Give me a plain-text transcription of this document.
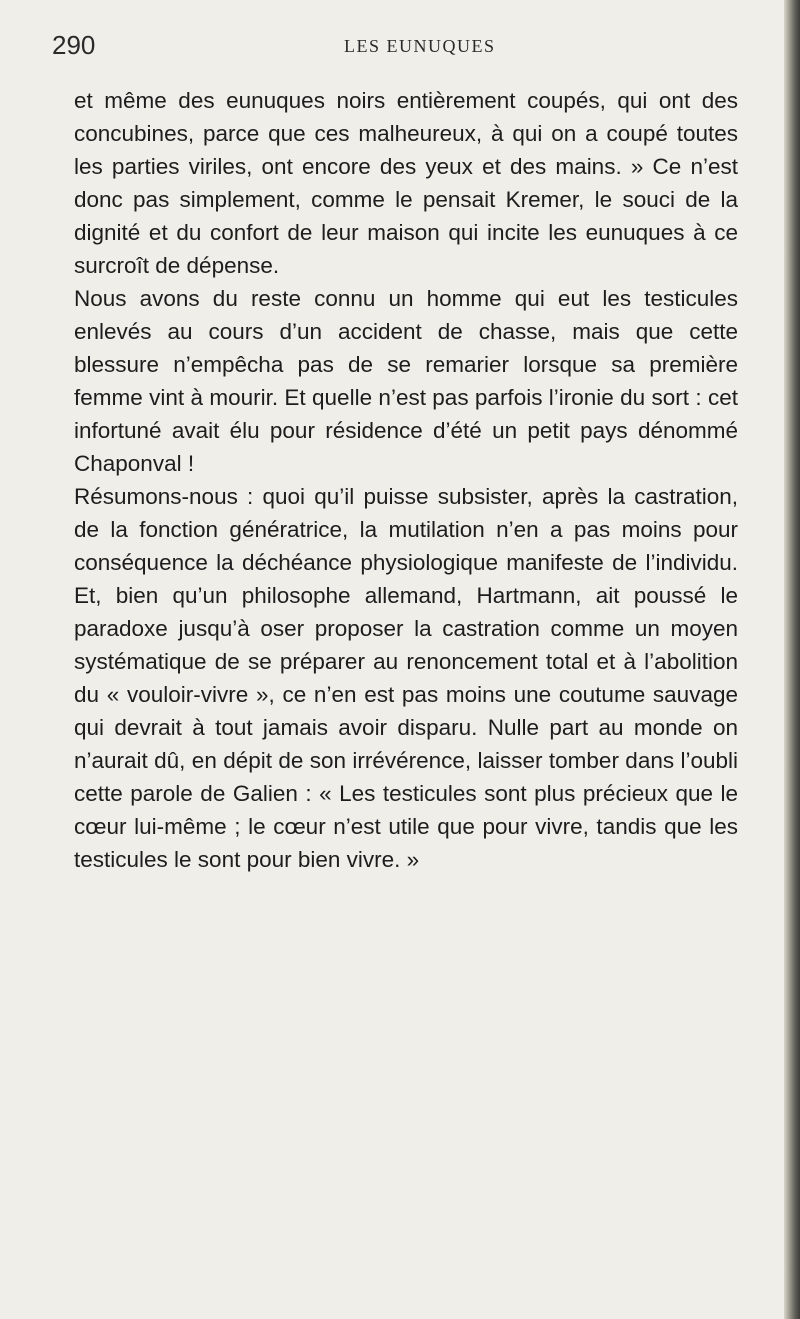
290	LES EUNUQUES

et même des eunuques noirs entièrement coupés, qui ont des concubines, parce que ces malheureux, à qui on a coupé toutes les parties viriles, ont encore des yeux et des mains. » Ce n’est donc pas simplement, comme le pensait Kremer, le souci de la dignité et du confort de leur maison qui incite les eunuques à ce surcroît de dépense.

Nous avons du reste connu un homme qui eut les testicules enlevés au cours d’un accident de chasse, mais que cette blessure n’empêcha pas de se remarier lorsque sa première femme vint à mourir. Et quelle n’est pas parfois l’ironie du sort : cet infortuné avait élu pour résidence d’été un petit pays dénommé Chaponval !

Résumons-nous : quoi qu’il puisse subsister, après la castration, de la fonction génératrice, la mutilation n’en a pas moins pour conséquence la déchéance physiologique manifeste de l’individu. Et, bien qu’un philosophe allemand, Hartmann, ait poussé le paradoxe jusqu’à oser proposer la castration comme un moyen systématique de se préparer au renoncement total et à l’abolition du « vouloir-vivre », ce n’en est pas moins une coutume sauvage qui devrait à tout jamais avoir disparu. Nulle part au monde on n’aurait dû, en dépit de son irrévérence, laisser tomber dans l’oubli cette parole de Galien : « Les testicules sont plus précieux que le cœur lui-même ; le cœur n’est utile que pour vivre, tandis que les testicules le sont pour bien vivre. »
